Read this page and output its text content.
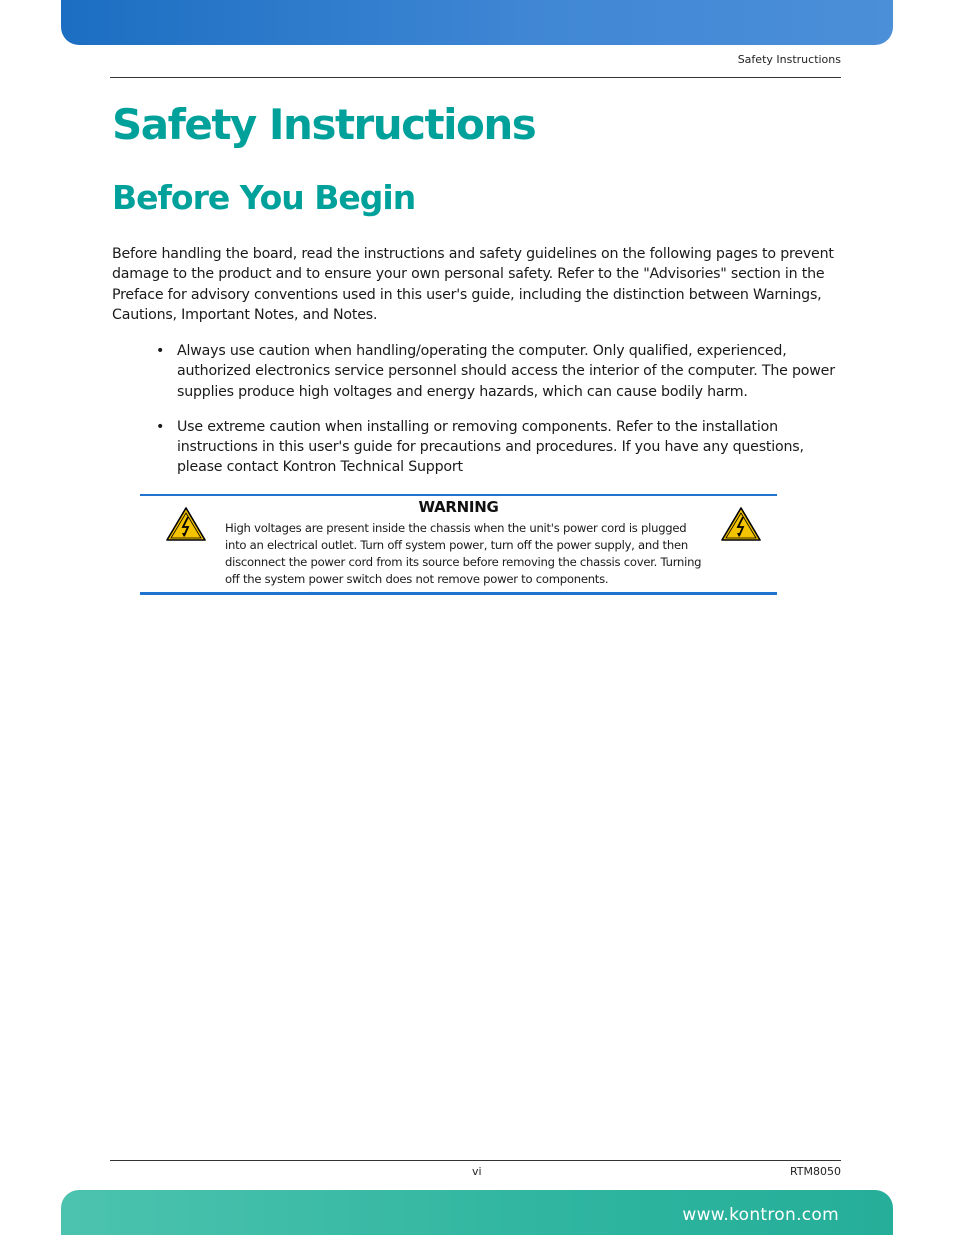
Safety Instructions
Safety Instructions
Before You Begin

Before handling the board, read the instructions and safety guidelines on the following pages to prevent damage to the product and to ensure your own personal safety. Refer to the "Advisories" section in the Preface for advisory conventions used in this user's guide, including the distinction between Warnings, Cautions, Important Notes, and Notes.

• Always use caution when handling/operating the computer. Only qualified, experienced, authorized electronics service personnel should access the interior of the computer. The power supplies produce high voltages and energy hazards, which can cause bodily harm.
• Use extreme caution when installing or removing components. Refer to the installation instructions in this user's guide for precautions and procedures. If you have any questions, please contact Kontron Technical Support
WARNING

High voltages are present inside the chassis when the unit's power cord is plugged into an electrical outlet. Turn off system power, turn off the power supply, and then disconnect the power cord from its source before removing the chassis cover. Turning off the system power switch does not remove power to components.

vi	RTM8050
www.kontron.com
